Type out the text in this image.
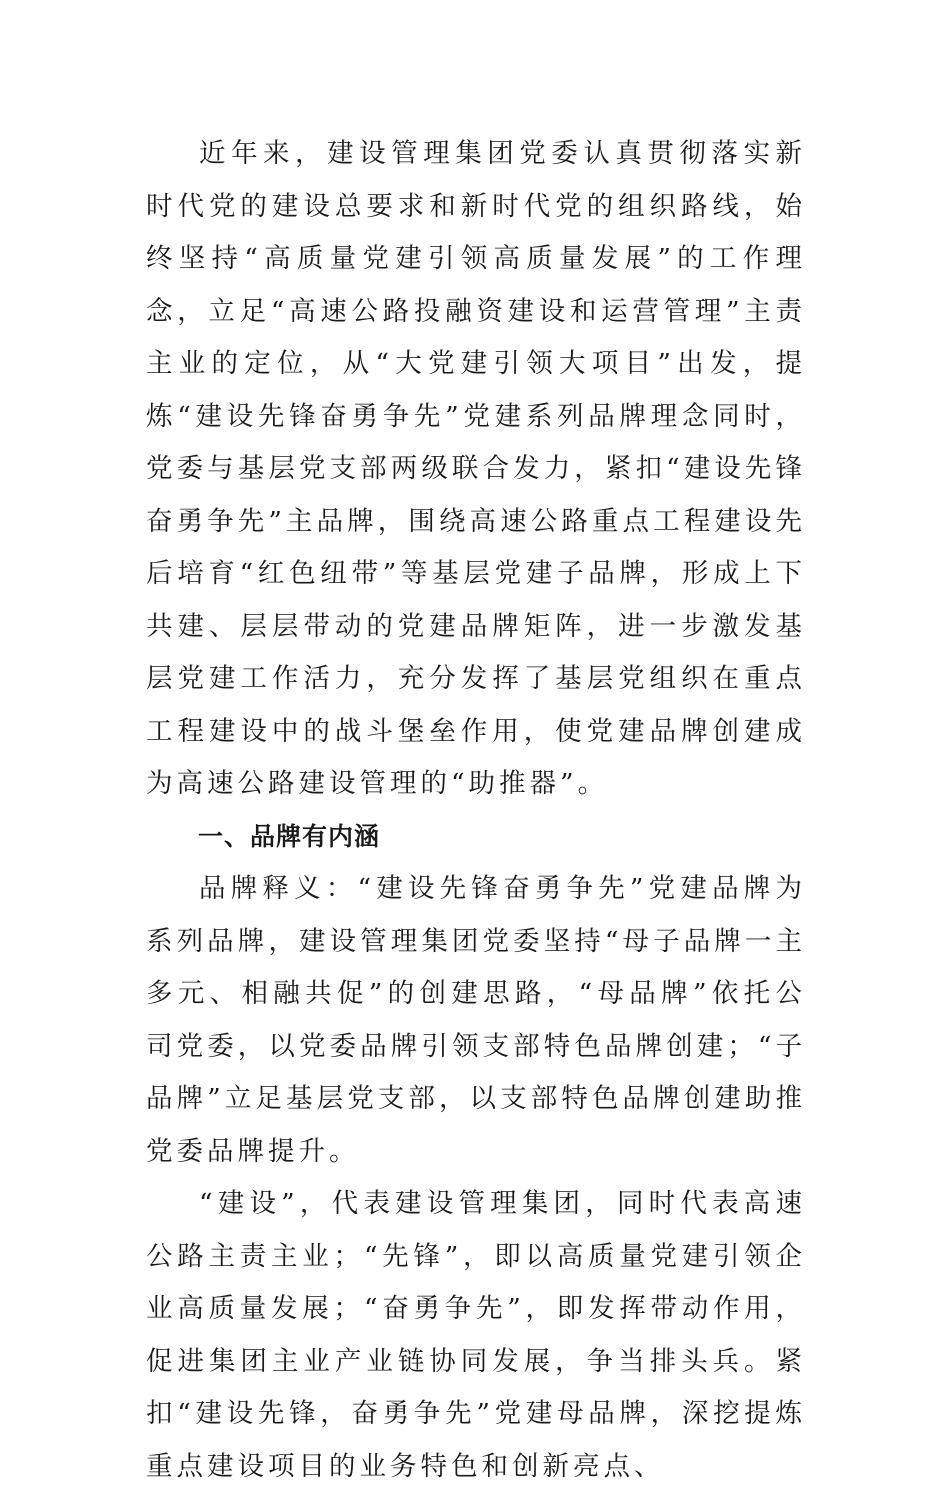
近年来，建设管理集团党委认真贯彻落实新时代党的建设总要求和新时代党的组织路线，始终坚持“高质量党建引领高质量发展”的工作理念，立足“高速公路投融资建设和运营管理”主责主业的定位，从“大党建引领大项目”出发，提炼“建设先锋奋勇争先”党建系列品牌理念同时，党委与基层党支部两级联合发力，紧扣“建设先锋奋勇争先”主品牌，围绕高速公路重点工程建设先后培育“红色纽带”等基层党建子品牌，形成上下共建、层层带动的党建品牌矩阵，进一步激发基层党建工作活力，充分发挥了基层党组织在重点工程建设中的战斗堡垒作用，使党建品牌创建成为高速公路建设管理的“助推器”。

一、品牌有内涵

品牌释义：“建设先锋奋勇争先”党建品牌为系列品牌，建设管理集团党委坚持“母子品牌一主多元、相融共促”的创建思路，“母品牌”依托公司党委，以党委品牌引领支部特色品牌创建；“子品牌”立足基层党支部，以支部特色品牌创建助推党委品牌提升。

“建设”，代表建设管理集团，同时代表高速公路主责主业；“先锋”，即以高质量党建引领企业高质量发展；“奋勇争先”，即发挥带动作用，促进集团主业产业链协同发展，争当排头兵。紧扣“建设先锋，奋勇争先”党建母品牌，深挖提炼重点建设项目的业务特色和创新亮点、
